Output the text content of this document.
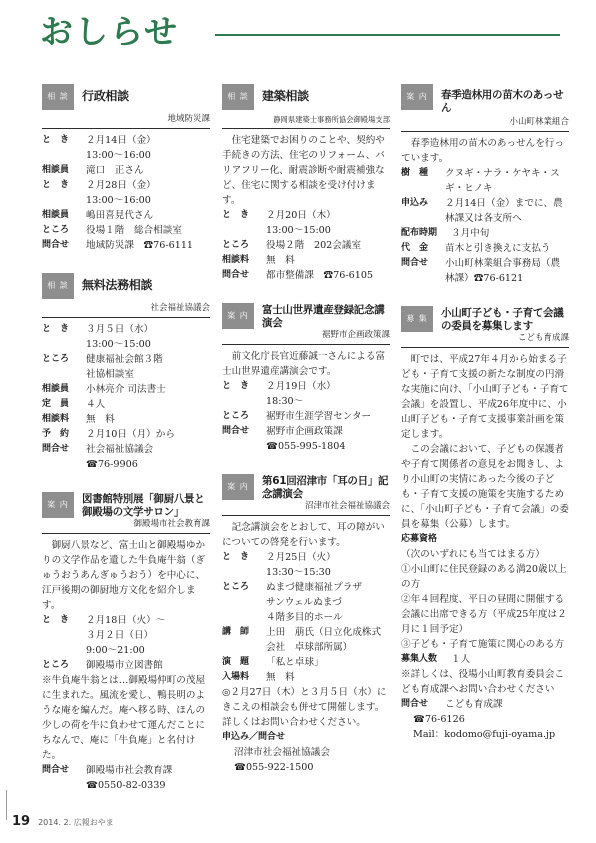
おしらせ
相 談	行政相談
地域防災課
と　き	２月14日（金）
13:00～16:00
相談員	滝口　正さん
と　き	２月28日（金）
13:00～16:00
相談員	嶋田喜見代さん
ところ	役場１階　総合相談室
問合せ	地域防災課　☎76-6111
相 談	無料法務相談
社会福祉協議会
と　き	３月５日（水）
13:00～15:00
ところ	健康福祉会館３階
社協相談室
相談員	小林亮介 司法書士
定　員	４人
相談料	無　料
予　約	２月10日（月）から
問合せ	社会福祉協議会
☎76-9906
案 内	図書館特別展「御厨八景と御殿場の文学サロン」
御殿場市社会教育課
御厨八景など、富士山と御殿場ゆかりの文学作品を遺した牛負庵牛翁（ぎゅうおうあんぎゅうおう）を中心に、江戸後期の御厨地方文化を紹介します。
と　き	２月18日（火）～
３月２日（日）
9:00～21:00
ところ	御殿場市立図書館
※牛負庵牛翁とは…御殿場仲町の茂屋に生まれた。風流を愛し、鴨長明のような庵を編んだ。庵へ移る時、ほんの少しの荷を牛に負わせて運んだことにちなんで、庵に「牛負庵」と名付けた。
問合せ	御殿場市社会教育課
☎0550-82-0339
相 談	建築相談
静岡県建築士事務所協会御殿場支部
住宅建築でお困りのことや、契約や手続きの方法、住宅のリフォーム、バリアフリー化、耐震診断や耐震補強など、住宅に関する相談を受け付けます。
と　き	２月20日（木）
13:00～15:00
ところ	役場２階　202会議室
相談料	無　料
問合せ	都市整備課　☎76-6105
案 内	富士山世界遺産登録記念講演会
裾野市企画政策課
前文化庁長官近藤誠一さんによる富士山世界遺産講演会です。
と　き	２月19日（水）
18:30～
ところ	裾野市生涯学習センター
問合せ	裾野市企画政策課
☎055-995-1804
案 内	第61回沼津市「耳の日」記念講演会
沼津市社会福祉協議会
記念講演会をとおして、耳の障がいについての啓発を行います。
と　き	２月25日（火）
13:30～15:30
ところ	ぬまづ健康福祉プラザ
サンウェルぬまづ
４階多目的ホール
講　師	上田　萠氏（日立化成株式会社　卓球部所属）
演　題	「私と卓球」
入場料	無　料
◎２月27日（木）と３月５日（水）にきこえの相談会も併せて開催します。詳しくはお問い合わせください。
申込み／問合せ
沼津市社会福祉協議会
☎055-922-1500
案 内	春季造林用の苗木のあっせん
小山町林業組合
春季造林用の苗木のあっせんを行っています。
樹　種	クヌギ・ナラ・ケヤキ・スギ・ヒノキ
申込み	２月14日（金）までに、農林課又は各支所へ
配布時期	３月中旬
代　金	苗木と引き換えに支払う
問合せ	小山町林業組合事務局（農林課）☎76-6121
募 集	小山町子ども・子育て会議の委員を募集します
こども育成課
町では、平成27年４月から始まる子ども・子育て支援の新たな制度の円滑な実施に向け、「小山町子ども・子育て会議」を設置し、平成26年度中に、小山町子ども・子育て支援事業計画を策定します。
この会議において、子どもの保護者や子育て関係者の意見をお聞きし、より小山町の実情にあった今後の子ども・子育て支援の施策を実施するために、「小山町子ども・子育て会議」の委員を募集（公募）します。
応募資格
（次のいずれにも当てはまる方）
①小山町に住民登録のある満20歳以上の方
②年４回程度、平日の昼間に開催する会議に出席できる方（平成25年度は２月に１回予定）
③子ども・子育て施策に関心のある方
募集人数	１人
※詳しくは、役場小山町教育委員会こども育成課へお問い合わせください
問合せ	こども育成課
☎76-6126
Mail：kodomo@fuji-oyama.jp
19 2014. 2. 広報おやま
